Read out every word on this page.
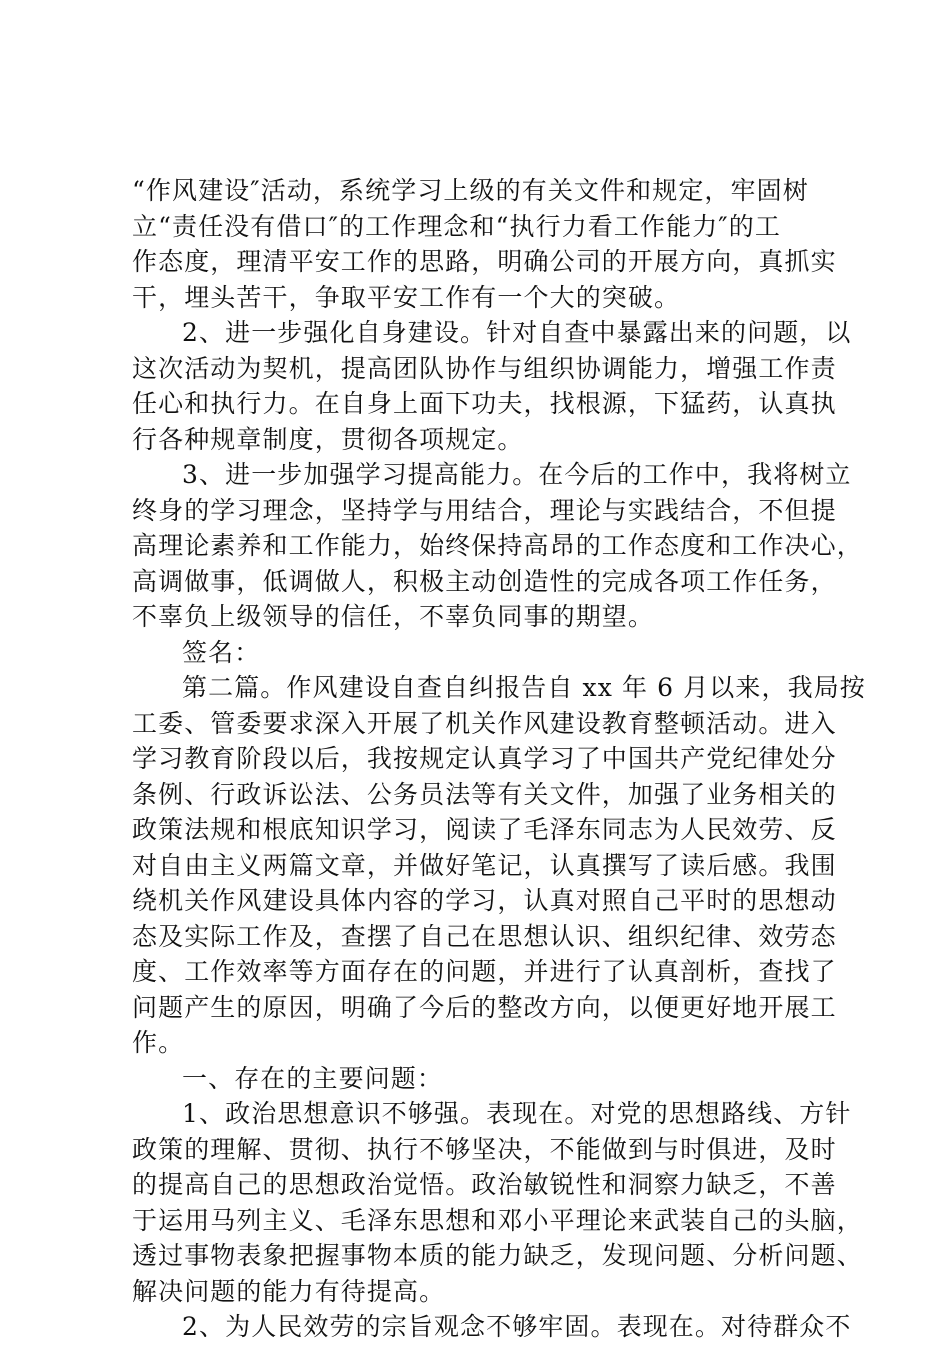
“作风建设″活动，系统学习上级的有关文件和规定，牢固树
立“责任没有借口″的工作理念和“执行力看工作能力″的工
作态度，理清平安工作的思路，明确公司的开展方向，真抓实
干，埋头苦干，争取平安工作有一个大的突破。
2、进一步强化自身建设。针对自查中暴露出来的问题，以
这次活动为契机，提高团队协作与组织协调能力，增强工作责
任心和执行力。在自身上面下功夫，找根源，下猛药，认真执
行各种规章制度，贯彻各项规定。
3、进一步加强学习提高能力。在今后的工作中，我将树立
终身的学习理念，坚持学与用结合，理论与实践结合，不但提
高理论素养和工作能力，始终保持高昂的工作态度和工作决心，
高调做事，低调做人，积极主动创造性的完成各项工作任务，
不辜负上级领导的信任，不辜负同事的期望。
签名：
第二篇。作风建设自查自纠报告自 xx 年 6 月以来，我局按
工委、管委要求深入开展了机关作风建设教育整顿活动。进入
学习教育阶段以后，我按规定认真学习了中国共产党纪律处分
条例、行政诉讼法、公务员法等有关文件，加强了业务相关的
政策法规和根底知识学习，阅读了毛泽东同志为人民效劳、反
对自由主义两篇文章，并做好笔记，认真撰写了读后感。我围
绕机关作风建设具体内容的学习，认真对照自己平时的思想动
态及实际工作及，查摆了自己在思想认识、组织纪律、效劳态
度、工作效率等方面存在的问题，并进行了认真剖析，查找了
问题产生的原因，明确了今后的整改方向，以便更好地开展工
作。
一、存在的主要问题：
1、政治思想意识不够强。表现在。对党的思想路线、方针
政策的理解、贯彻、执行不够坚决，不能做到与时俱进，及时
的提高自己的思想政治觉悟。政治敏锐性和洞察力缺乏，不善
于运用马列主义、毛泽东思想和邓小平理论来武装自己的头脑，
透过事物表象把握事物本质的能力缺乏，发现问题、分析问题、
解决问题的能力有待提高。
2、为人民效劳的宗旨观念不够牢固。表现在。对待群众不
